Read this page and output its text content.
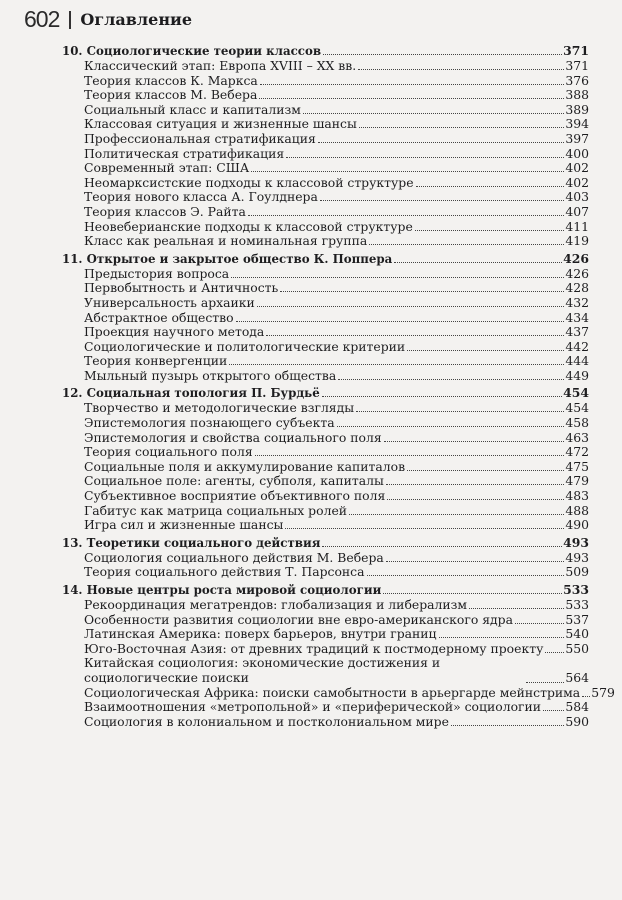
602 Оглавление
10. Социологические теории классов	371
Классический этап: Европа XVIII – XX вв.	371
Теория классов К. Маркса	376
Теория классов М. Вебера	388
Социальный класс и капитализм	389
Классовая ситуация и жизненные шансы	394
Профессиональная стратификация	397
Политическая стратификация	400
Современный этап: США	402
Неомарксистские подходы к классовой структуре	402
Теория нового класса А. Гоулднера	403
Теория классов Э. Райта	407
Неовеберианские подходы к классовой структуре	411
Класс как реальная и номинальная группа	419
11. Открытое и закрытое общество К. Поппера	426
Предыстория вопроса	426
Первобытность и Античность	428
Универсальность архаики	432
Абстрактное общество	434
Проекция научного метода	437
Социологические и политологические критерии	442
Теория конвергенции	444
Мыльный пузырь открытого общества	449
12. Социальная топология П. Бурдьё	454
Творчество и методологические взгляды	454
Эпистемология познающего субъекта	458
Эпистемология и свойства социального поля	463
Теория социального поля	472
Социальные поля и аккумулирование капиталов	475
Социальное поле: агенты, субполя, капиталы	479
Субъективное восприятие объективного поля	483
Габитус как матрица социальных ролей	488
Игра сил и жизненные шансы	490
13. Теоретики социального действия	493
Социология социального действия М. Вебера	493
Теория социального действия Т. Парсонса	509
14. Новые центры роста мировой социологии	533
Рекоординация мегатрендов: глобализация и либерализм	533
Особенности развития социологии вне евро-американского ядра	537
Латинская Америка: поверх барьеров, внутри границ	540
Юго-Восточная Азия: от древних традиций к постмодерному проекту 550
Китайская социология: экономические достижения и социологические поиски	564
Социологическая Африка: поиски самобытности в арьергарде мейнстрима 579
Взаимоотношения «метропольной» и «периферической» социологии 584
Социология в колониальном и постколониальном мире	590
